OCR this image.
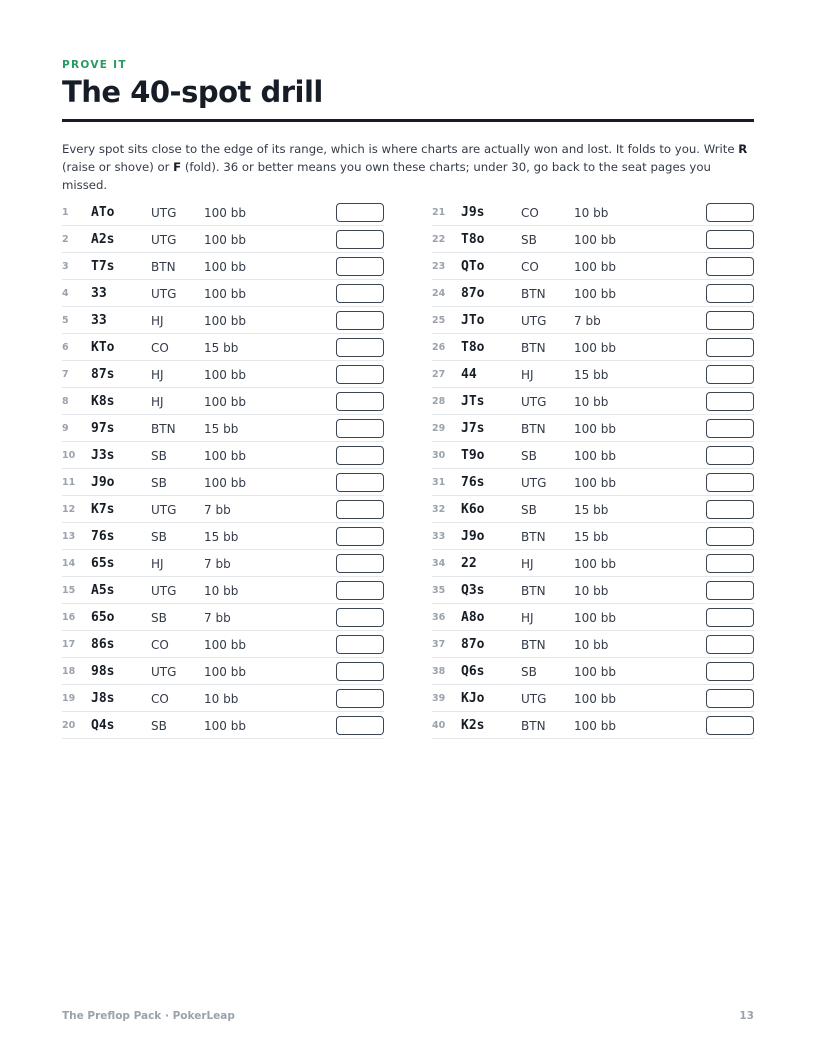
PROVE IT
The 40-spot drill

Every spot sits close to the edge of its range, which is where charts are actually won and lost. It folds to you. Write R (raise or shove) or F (fold). 36 or better means you own these charts; under 30, go back to the seat pages you missed.

1 ATo	UTG 100 bb
2 A2s	UTG 100 bb
3 T7s	BTN 100 bb
4 33	UTG 100 bb
5 33	HJ	100 bb
6 KTo	CO	15 bb
7 87s	HJ	100 bb
8 K8s	HJ	100 bb
9 97s	BTN 15 bb
10 J3s	SB	100 bb
11 J9o	SB	100 bb
12 K7s	UTG 7 bb
13 76s	SB	15 bb
14 65s	HJ	7 bb
15 A5s	UTG 10 bb
16 65o	SB	7 bb
17 86s	CO	100 bb
18 98s	UTG 100 bb
19 J8s	CO	10 bb
20 Q4s	SB	100 bb
21 J9s	CO	10 bb
22 T8o	SB	100 bb
23 QTo	CO	100 bb
24 87o	BTN 100 bb
25 JTo	UTG 7 bb
26 T8o	BTN 100 bb
27 44	HJ	15 bb
28 JTs	UTG 10 bb
29 J7s	BTN 100 bb
30 T9o	SB	100 bb
31 76s	UTG 100 bb
32 K6o	SB	15 bb
33 J9o	BTN 15 bb
34 22	HJ	100 bb
35 Q3s	BTN 10 bb
36 A8o	HJ	100 bb
37 87o	BTN 10 bb
38 Q6s	SB	100 bb
39 KJo	UTG 100 bb
40 K2s	BTN 100 bb
The Preflop Pack · PokerLeap	13
